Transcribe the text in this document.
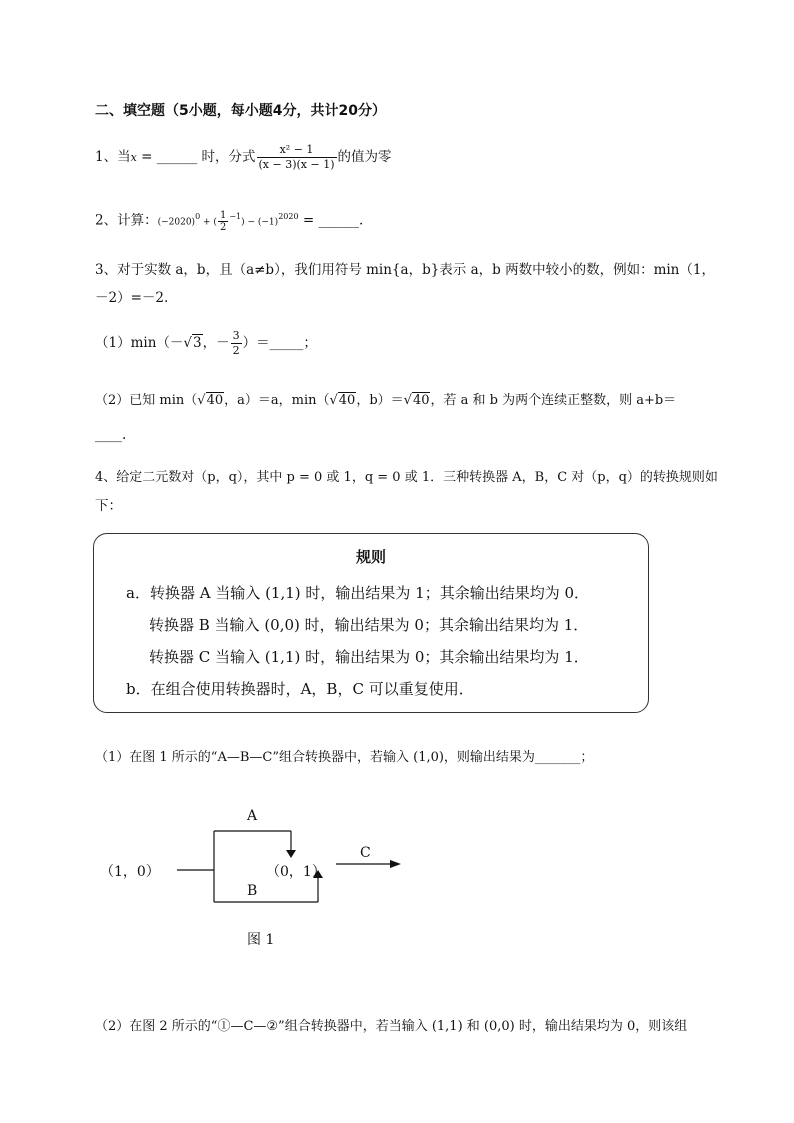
二、填空题（5小题，每小题4分，共计20分）
1、当x = ______ 时，分式 $\frac{\text{x² − 1}}{(x - 3)(x - 1)}$ 的值为零
2、计算：$(-2020)^0$ + ( $\frac{1}{2} ^{-1}) - (-1)^{2020}$ = ______.
3、对于实数 a，b，且（a≠b），我们用符号 min{a，b}表示 a，b 两数中较小的数，例如：min（1，
－2）=－2.
（1）min（－√3，－ $\frac{3}{2}$ ）＝_____；
（2）已知 min（√40，a）＝a，min（√40，b）＝√40，若 a 和 b 为两个连续正整数，则 a+b＝
____.
4、给定二元数对（p，q），其中 p = 0 或 1，q = 0 或 1．三种转换器 A，B，C 对（p，q）的转换规则如
下：
规则
a．转换器 A 当输入 (1,1) 时，输出结果为 1；其余输出结果均为 0．
转换器 B 当输入 (0,0) 时，输出结果为 0；其余输出结果均为 1．
转换器 C 当输入 (1,1) 时，输出结果为 0；其余输出结果均为 1．
b．在组合使用转换器时，A，B，C 可以重复使用．
（1）在图 1 所示的“A—B—C”组合转换器中，若输入 (1,0)，则输出结果为_______；
（1，0）
A
（0，1）
B
C
图 1
（2）在图 2 所示的“①—C—②”组合转换器中，若当输入 (1,1) 和 (0,0) 时，输出结果均为 0，则该组
